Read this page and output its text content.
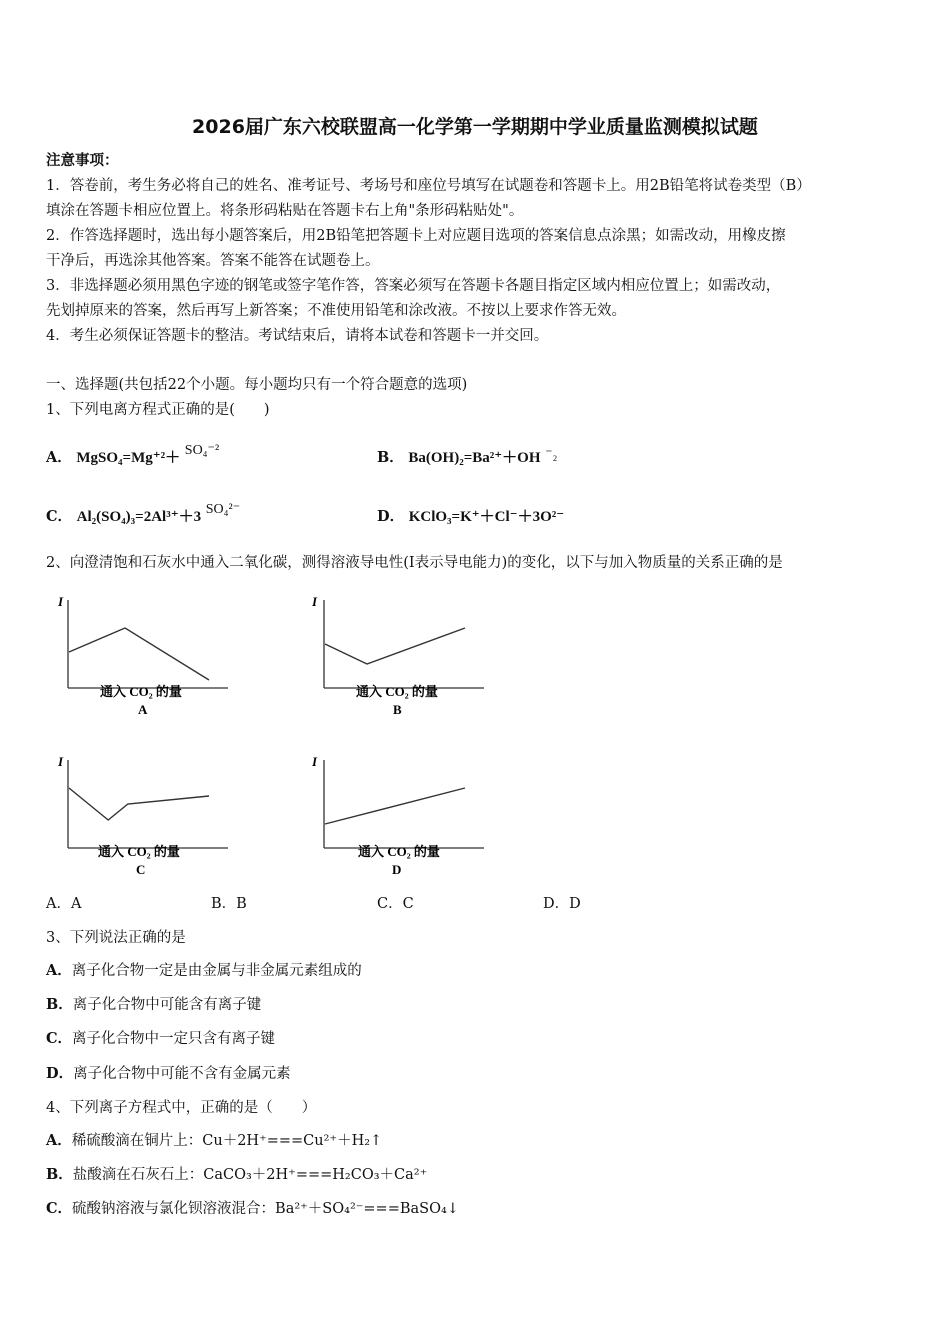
2026届广东六校联盟高一化学第一学期期中学业质量监测模拟试题
注意事项：
1．答卷前，考生务必将自己的姓名、准考证号、考场号和座位号填写在试题卷和答题卡上。用2B铅笔将试卷类型（B）
填涂在答题卡相应位置上。将条形码粘贴在答题卡右上角"条形码粘贴处"。
2．作答选择题时，选出每小题答案后，用2B铅笔把答题卡上对应题目选项的答案信息点涂黑；如需改动，用橡皮擦
干净后，再选涂其他答案。答案不能答在试题卷上。
3．非选择题必须用黑色字迹的钢笔或签字笔作答，答案必须写在答题卡各题目指定区域内相应位置上；如需改动，
先划掉原来的答案，然后再写上新答案；不准使用铅笔和涂改液。不按以上要求作答无效。
4．考生必须保证答题卡的整洁。考试结束后，请将本试卷和答题卡一并交回。
一、选择题(共包括22个小题。每小题均只有一个符合题意的选项)
1、下列电离方程式正确的是(　　)
A． MgSO₄=Mg⁺²＋ SO₄⁻²	B． Ba(OH)₂=Ba²⁺＋OH ⁻₂
C． Al₂(SO₄)₃=2Al³⁺＋3 SO₄²⁻	D． KClO₃=K⁺＋Cl⁻＋3O²⁻
2、向澄清饱和石灰水中通入二氧化碳，测得溶液导电性(I表示导电能力)的变化，以下与加入物质量的关系正确的是
I
通入 CO₂ 的量
A
I
通入 CO₂ 的量
B
I
通入 CO₂ 的量
C
I
通入 CO₂ 的量
D
A．A	B．B	C．C	D．D
3、下列说法正确的是
A．离子化合物一定是由金属与非金属元素组成的
B．离子化合物中可能含有离子键
C．离子化合物中一定只含有离子键
D．离子化合物中可能不含有金属元素
4、下列离子方程式中，正确的是（　　）
A．稀硫酸滴在铜片上：Cu＋2H⁺===Cu²⁺＋H₂↑
B．盐酸滴在石灰石上：CaCO₃＋2H⁺===H₂CO₃＋Ca²⁺
C．硫酸钠溶液与氯化钡溶液混合：Ba²⁺＋SO₄²⁻===BaSO₄↓
